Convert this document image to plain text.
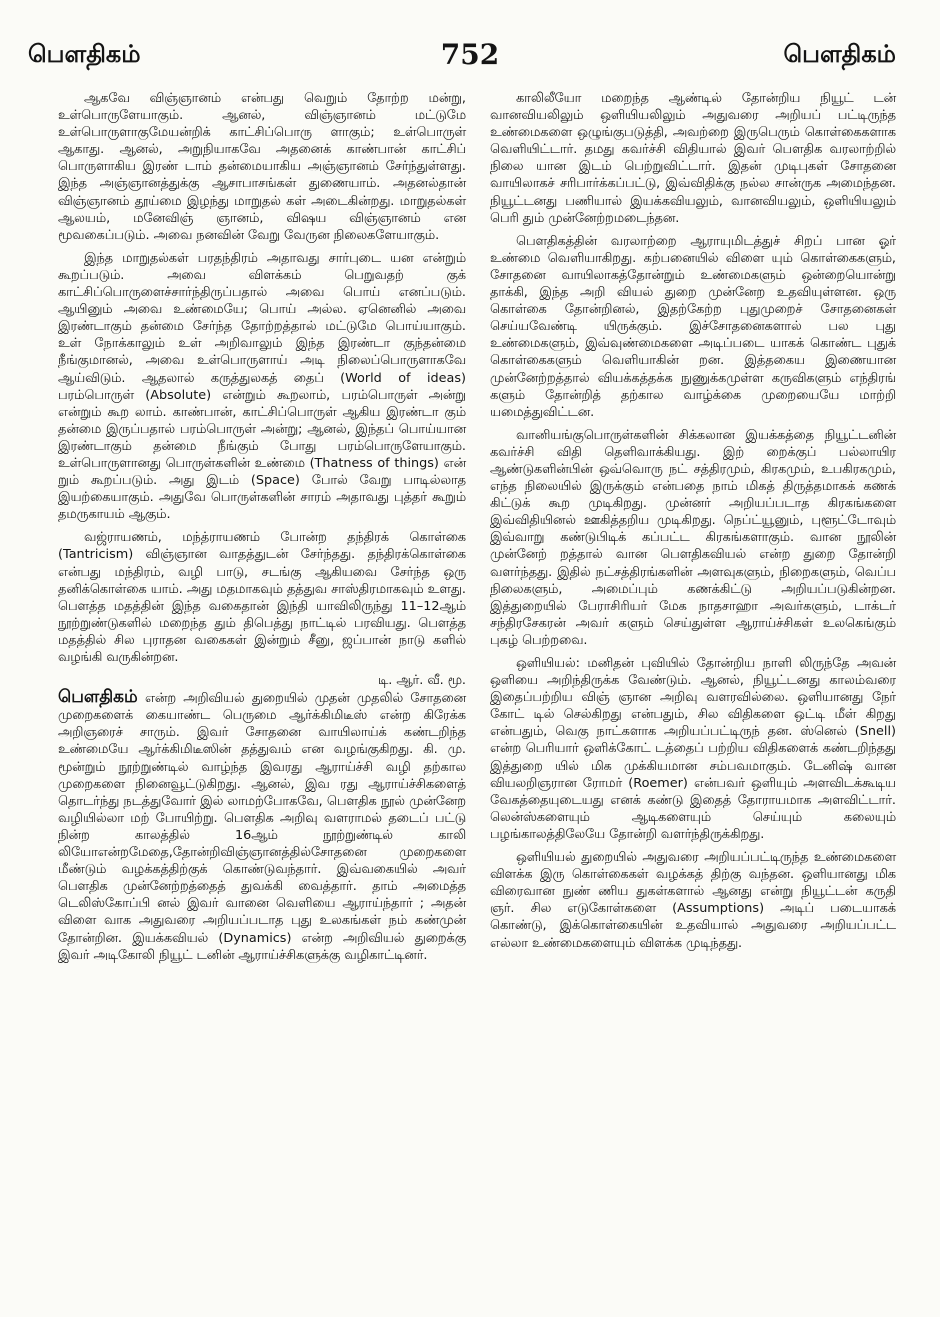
பௌதிகம்	752	பௌதிகம்

ஆகவே விஞ்ஞானம் என்பது வெறும் தோற்ற மன்று, உள்பொருளேயாகும். ஆனல், விஞ்ஞானம் மட்டுமே உள்பொருளாகுமேயன்றிக் காட்சிப்பொரு ளாகும்; உள்பொருள் ஆகாது. ஆனல், அறுநியாகவே அதனைக் காண்பான் காட்சிப் பொருளாகிய இரண் டாம் தன்மையாகிய அஞ்ஞானம் சேர்ந்துள்ளது. இந்த அஞ்ஞானத்துக்கு ஆசாபாசங்கள் துணையாம். அதனல்தான் விஞ்ஞானம் தூய்மை இழந்து மாறுதல் கள் அடைகின்றது. மாறுதல்கள் ஆலயம், மனேவிஞ் ஞானம், விஷய விஞ்ஞானம் என மூவகைப்படும். அவை நனவின் வேறு வேருன நிலைகளேயாகும்.

இந்த மாறுதல்கள் பரதந்திரம் அதாவது சார்புடை யன என்றும் கூறப்படும். அவை விளக்கம் பெறுவதற் குக் காட்சிப்பொருளைச்சார்ந்திருப்பதால் அவை பொய் எனப்படும். ஆயினும் அவை உண்மையே; பொய் அல்ல. ஏனெனில் அவை இரண்டாகும் தன்மை சேர்ந்த தோற்றத்தால் மட்டுமே பொய்யாகும். உள் நோக்காலும் உள் அறிவாலும் இந்த இரண்டா குந்தன்மை நீங்குமானல், அவை உள்பொருளாய் அடி நிலைப்பொருளாகவே ஆய்விடும். ஆதலால் கருத்துலகத் தைப் (World of ideas) பரம்பொருள் (Absolute) என்றும் கூறலாம், பரம்பொருள் அன்று என்றும் கூற லாம். காண்பான், காட்சிப்பொருள் ஆகிய இரண்டா கும் தன்மை இருப்பதால் பரம்பொருள் அன்று; ஆனல், இந்தப் பொய்யான இரண்டாகும் தன்மை நீங்கும் போது பரம்பொருளேயாகும். உள்பொருளானது பொருள்களின் உண்மை (Thatness of things) என் றும் கூறப்படும். அது இடம் (Space) போல் வேறு பாடில்லாத இயற்கையாகும். அதுவே பொருள்களின் சாரம் அதாவது புத்தர் கூறும் தமருகாயம் ஆகும்.

வஜ்ராயணம், மந்த்ராயணம் போன்ற தந்திரக் கொள்கை (Tantricism) விஞ்ஞான வாதத்துடன் சேர்ந்தது. தந்திரக்கொள்கை என்பது மந்திரம், வழி பாடு, சடங்கு ஆகியவை சேர்ந்த ஒரு தனிக்கொள்கை யாம். அது மதமாகவும் தத்துவ சாஸ்திரமாகவும் உளது. பௌத்த மதத்தின் இந்த வகைதான் இந்தி யாவிலிருந்து 11–12ஆம் நூற்றுண்டுகளில் மறைந்த தும் திபெத்து நாட்டில் பரவியது. பௌத்த மதத்தில் சில புராதன வகைகள் இன்றும் சீனு, ஜப்பான் நாடு களில் வழங்கி வருகின்றன.

டி. ஆர். வீ. மூ.

பௌதிகம் என்ற அறிவியல் துறையில் முதன் முதலில் சோதனை முறைகளைக் கையாண்ட பெருமை ஆர்க்கிமிடீஸ் என்ற கிரேக்க அறிஞரைச் சாரும். இவர் சோதனை வாயிலாய்க் கண்டறிந்த உண்மையே ஆர்க்கிமிடீஸின் தத்துவம் என வழங்குகிறது. கி. மு. மூன்றும் நூற்றுண்டில் வாழ்ந்த இவரது ஆராய்ச்சி வழி தற்கால முறைகளை நினைவூட்டுகிறது. ஆனல், இவ ரது ஆராய்ச்சிகளைத் தொடர்ந்து நடத்துவோர் இல் லாமற்போகவே, பௌதிக நூல் முன்னேற வழியில்லா மற் போயிற்று. பௌதிக அறிவு வளராமல் தடைப் பட்டு நின்ற காலத்தில் 16ஆம் நூற்றுண்டில் காலி லியோஎன்றமேதை,தோன்றிவிஞ்ஞானத்தில்சோதனை முறைகளை மீண்டும் வழக்கத்திற்குக் கொண்டுவந்தார். இவ்வகையில் அவர் பௌதிக முன்னேற்றத்தைத் துவக்கி வைத்தார். தாம் அமைத்த டெலிஸ்கோப்பி னல் இவர் வானை வெளியை ஆராய்ந்தார் ; அதன் விளை வாக அதுவரை அறியப்படாத புது உலகங்கள் நம் கண்முன் தோன்றின. இயக்கவியல் (Dynamics) என்ற அறிவியல் துறைக்கு இவர் அடிகோலி நியூட் டனின் ஆராய்ச்சிகளுக்கு வழிகாட்டினர்.

காலிலீயோ மறைந்த ஆண்டில் தோன்றிய நியூட் டன் வானவியலிலும் ஒளியியலிலும் அதுவரை அறியப் பட்டிருந்த உண்மைகளை ஒழுங்குபடுத்தி, அவற்றை இருபெரும் கொள்கைகளாக வெளியிட்டார். தமது கவர்ச்சி விதியால் இவர் பௌதிக வரலாற்றில் நிலை யான இடம் பெற்றுவிட்டார். இதன் முடிபுகள் சோதனை வாயிலாகச் சரிபார்க்கப்பட்டு, இவ்விதிக்கு நல்ல சான்ருக அமைந்தன. நியூட்டனது பணியால் இயக்கவியலும், வானவியலும், ஒளியியலும் பெரி தும் முன்னேற்றமடைந்தன.

பௌதிகத்தின் வரலாற்றை ஆராயுமிடத்துச் சிறப் பான ஓர் உண்மை வெளியாகிறது. கற்பனையில் விளை யும் கொள்கைகளும், சோதனை வாயிலாகத்தோன்றும் உண்மைகளும் ஒன்றையொன்று தாக்கி, இந்த அறி வியல் துறை முன்னேற உதவியுள்ளன. ஒரு கொள்கை தோன்றினல், இதற்கேற்ற புதுமுறைச் சோதனைகள் செய்யவேண்டி யிருக்கும். இச்சோதனைகளால் பல புது உண்மைகளும், இவ்வுண்மைகளை அடிப்படை யாகக் கொண்ட புதுக் கொள்கைகளும் வெளியாகின் றன. இத்தகைய இணையான முன்னேற்றத்தால் வியக்கத்தக்க நுணுக்கமுள்ள கருவிகளும் எந்திரங் களும் தோன்றித் தற்கால வாழ்க்கை முறையையே மாற்றி யமைத்துவிட்டன.

வானியங்குபொருள்களின் சிக்கலான இயக்கத்தை நியூட்டனின் கவர்ச்சி விதி தெளிவாக்கியது. இற் றைக்குப் பல்லாயிர ஆண்டுகளின்பின் ஒவ்வொரு நட் சத்திரமும், கிரகமும், உபகிரகமும், எந்த நிலையில் இருக்கும் என்பதை நாம் மிகத் திருத்தமாகக் கணக் கிட்டுக் கூற முடிகிறது. முன்னர் அறியப்படாத கிரகங்களை இவ்விதியினல் ஊகித்தறிய முடிகிறது. நெப்ட்யூனும், புளூட்டோவும் இவ்வாறு கண்டுபிடிக் கப்பட்ட கிரகங்களாகும். வான நூலின் முன்னேற் றத்தால் வான பௌதிகவியல் என்ற துறை தோன்றி வளர்ந்தது. இதில் நட்சத்திரங்களின் அளவுகளும், நிறைகளும், வெப்ப நிலைகளும், அமைப்பும் கணக்கிட்டு அறியப்படுகின்றன. இத்துறையில் பேராசிரியர் மேக நாதசாஹா அவர்களும், டாக்டர் சந்திரசேகரன் அவர் களும் செய்துள்ள ஆராய்ச்சிகள் உலகெங்கும் புகழ் பெற்றவை.

ஒளியியல்: மனிதன் புவியில் தோன்றிய நாளி லிருந்தே அவன் ஒளியை அறிந்திருக்க வேண்டும். ஆனல், நியூட்டனது காலம்வரை இதைப்பற்றிய விஞ் ஞான அறிவு வளரவில்லை. ஒளியானது நேர் கோட் டில் செல்கிறது என்பதும், சில விதிகளை ஒட்டி மீள் கிறது என்பதும், வெகு நாட்களாக அறியப்பட்டிருந் தன. ஸ்னெல் (Snell) என்ற பெரியார் ஒளிக்கோட் டத்தைப் பற்றிய விதிகளைக் கண்டறிந்தது இத்துறை யில் மிக முக்கியமான சம்பவமாகும். டேனிஷ் வான வியலறிஞரான ரோமர் (Roemer) என்பவர் ஒளியும் அளவிடக்கூடிய வேகத்தையுடையது எனக் கண்டு இதைத் தோராயமாக அளவிட்டார். லென்ஸ்களையும் ஆடிகளையும் செய்யும் கலையும் பழங்காலத்திலேயே தோன்றி வளர்ந்திருக்கிறது.

ஒளியியல் துறையில் அதுவரை அறியப்பட்டிருந்த உண்மைகளை விளக்க இரு கொள்கைகள் வழக்கத் திற்கு வந்தன. ஒளியானது மிக விரைவான நுண் ணிய துகள்களால் ஆனது என்று நியூட்டன் கருதி ஞர். சில எடுகோள்களை (Assumptions) அடிப் படையாகக் கொண்டு, இக்கொள்கையின் உதவியால் அதுவரை அறியப்பட்ட எல்லா உண்மைகளையும் விளக்க முடிந்தது.
